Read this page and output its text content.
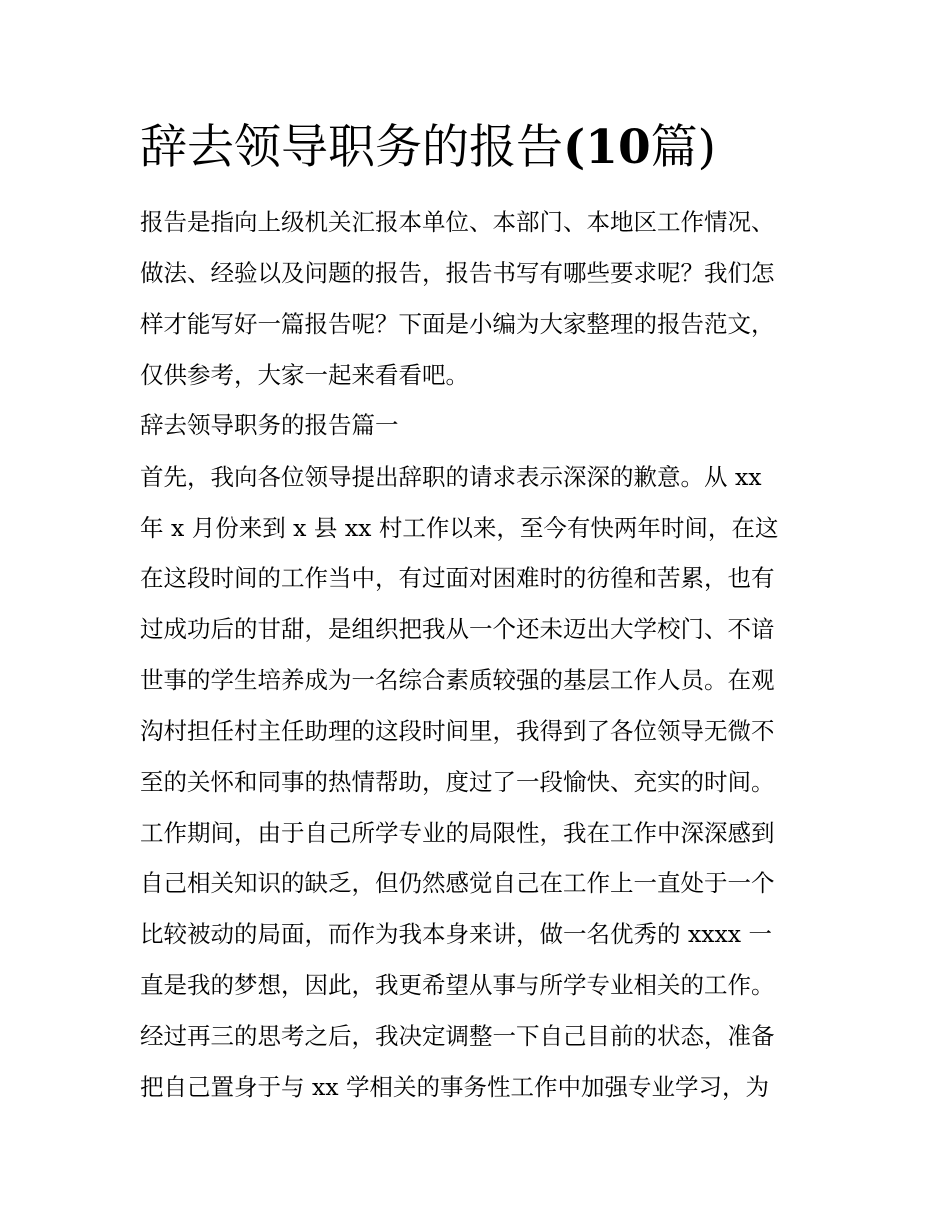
辞去领导职务的报告(10篇)

报告是指向上级机关汇报本单位、本部门、本地区工作情况、

做法、经验以及问题的报告，报告书写有哪些要求呢？我们怎

样才能写好一篇报告呢？下面是小编为大家整理的报告范文，

仅供参考，大家一起来看看吧。

辞去领导职务的报告篇一

首先，我向各位领导提出辞职的请求表示深深的歉意。从 xx

年 x 月份来到 x 县 xx 村工作以来，至今有快两年时间，在这

在这段时间的工作当中，有过面对困难时的彷徨和苦累，也有

过成功后的甘甜，是组织把我从一个还未迈出大学校门、不谙

世事的学生培养成为一名综合素质较强的基层工作人员。在观

沟村担任村主任助理的这段时间里，我得到了各位领导无微不

至的关怀和同事的热情帮助，度过了一段愉快、充实的时间。

工作期间，由于自己所学专业的局限性，我在工作中深深感到

自己相关知识的缺乏，但仍然感觉自己在工作上一直处于一个

比较被动的局面，而作为我本身来讲，做一名优秀的 xxxx 一

直是我的梦想，因此，我更希望从事与所学专业相关的工作。

经过再三的思考之后，我决定调整一下自己目前的状态，准备

把自己置身于与 xx 学相关的事务性工作中加强专业学习，为
